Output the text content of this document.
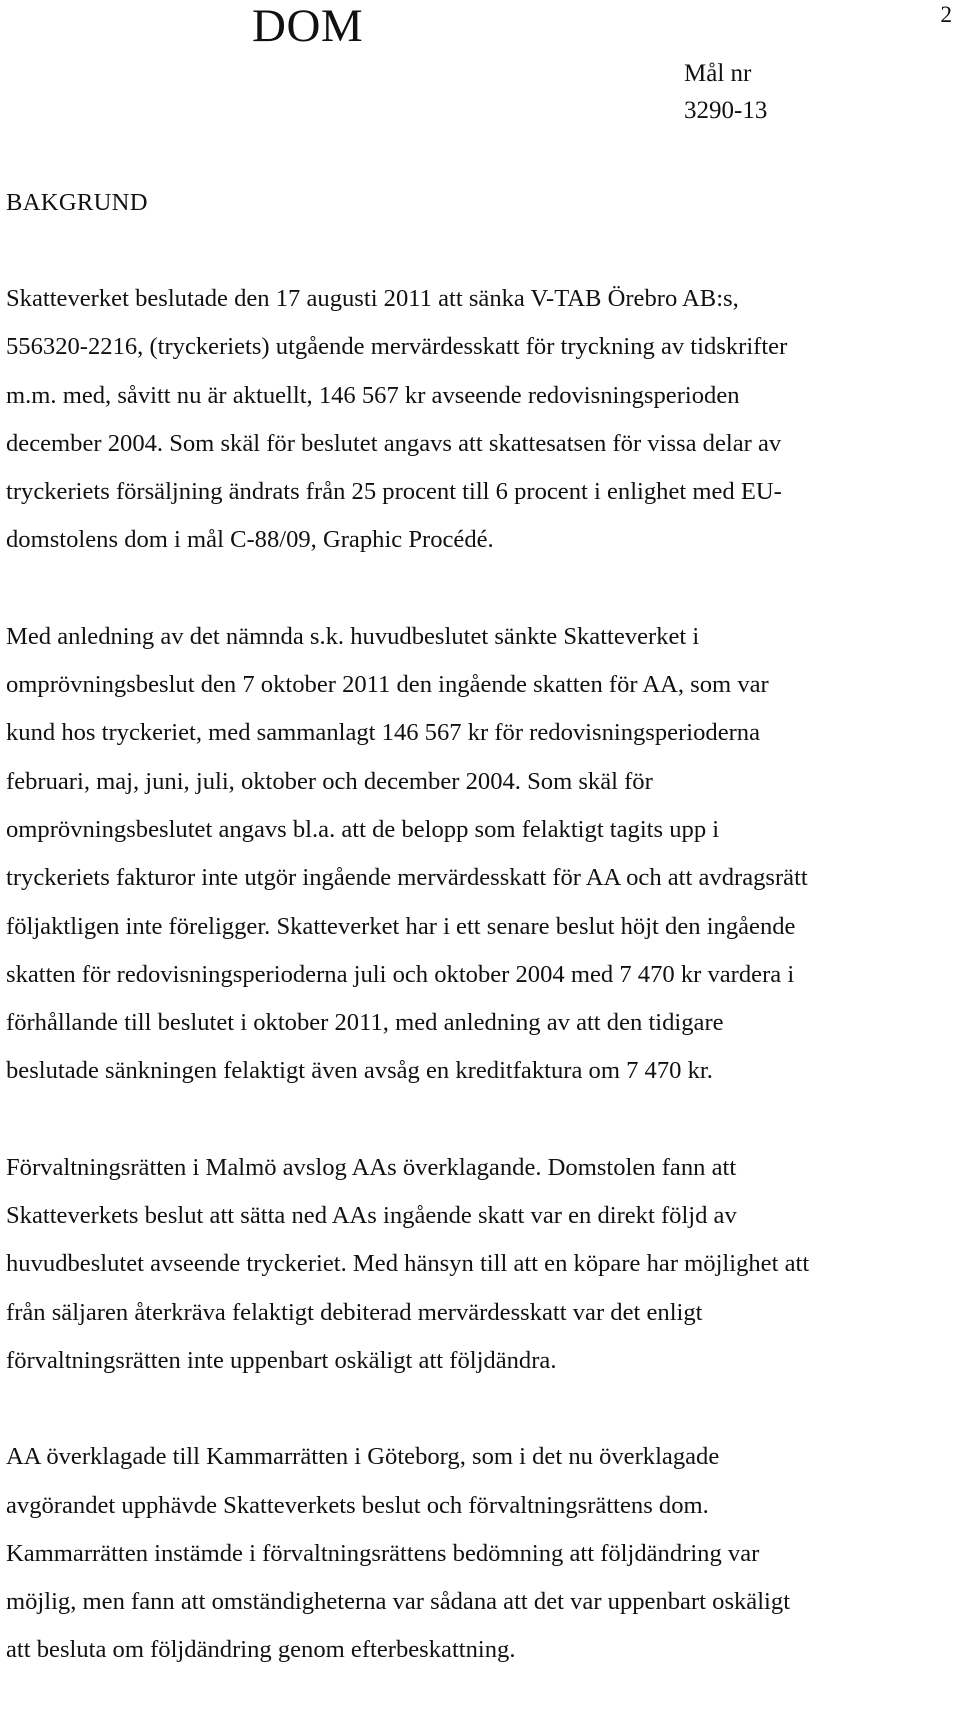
DOM	2
Mål nr
3290-13
BAKGRUND

Skatteverket beslutade den 17 augusti 2011 att sänka V-TAB Örebro AB:s,
556320-2216, (tryckeriets) utgående mervärdesskatt för tryckning av tidskrifter
m.m. med, såvitt nu är aktuellt, 146 567 kr avseende redovisningsperioden
december 2004. Som skäl för beslutet angavs att skattesatsen för vissa delar av
tryckeriets försäljning ändrats från 25 procent till 6 procent i enlighet med EU-
domstolens dom i mål C-88/09, Graphic Procédé.

Med anledning av det nämnda s.k. huvudbeslutet sänkte Skatteverket i
omprövningsbeslut den 7 oktober 2011 den ingående skatten för AA, som var
kund hos tryckeriet, med sammanlagt 146 567 kr för redovisningsperioderna
februari, maj, juni, juli, oktober och december 2004. Som skäl för
omprövningsbeslutet angavs bl.a. att de belopp som felaktigt tagits upp i
tryckeriets fakturor inte utgör ingående mervärdesskatt för AA och att avdragsrätt
följaktligen inte föreligger. Skatteverket har i ett senare beslut höjt den ingående
skatten för redovisningsperioderna juli och oktober 2004 med 7 470 kr vardera i
förhållande till beslutet i oktober 2011, med anledning av att den tidigare
beslutade sänkningen felaktigt även avsåg en kreditfaktura om 7 470 kr.

Förvaltningsrätten i Malmö avslog AAs överklagande. Domstolen fann att
Skatteverkets beslut att sätta ned AAs ingående skatt var en direkt följd av
huvudbeslutet avseende tryckeriet. Med hänsyn till att en köpare har möjlighet att
från säljaren återkräva felaktigt debiterad mervärdesskatt var det enligt
förvaltningsrätten inte uppenbart oskäligt att följdändra.

AA överklagade till Kammarrätten i Göteborg, som i det nu överklagade
avgörandet upphävde Skatteverkets beslut och förvaltningsrättens dom.
Kammarrätten instämde i förvaltningsrättens bedömning att följdändring var
möjlig, men fann att omständigheterna var sådana att det var uppenbart oskäligt
att besluta om följdändring genom efterbeskattning.
